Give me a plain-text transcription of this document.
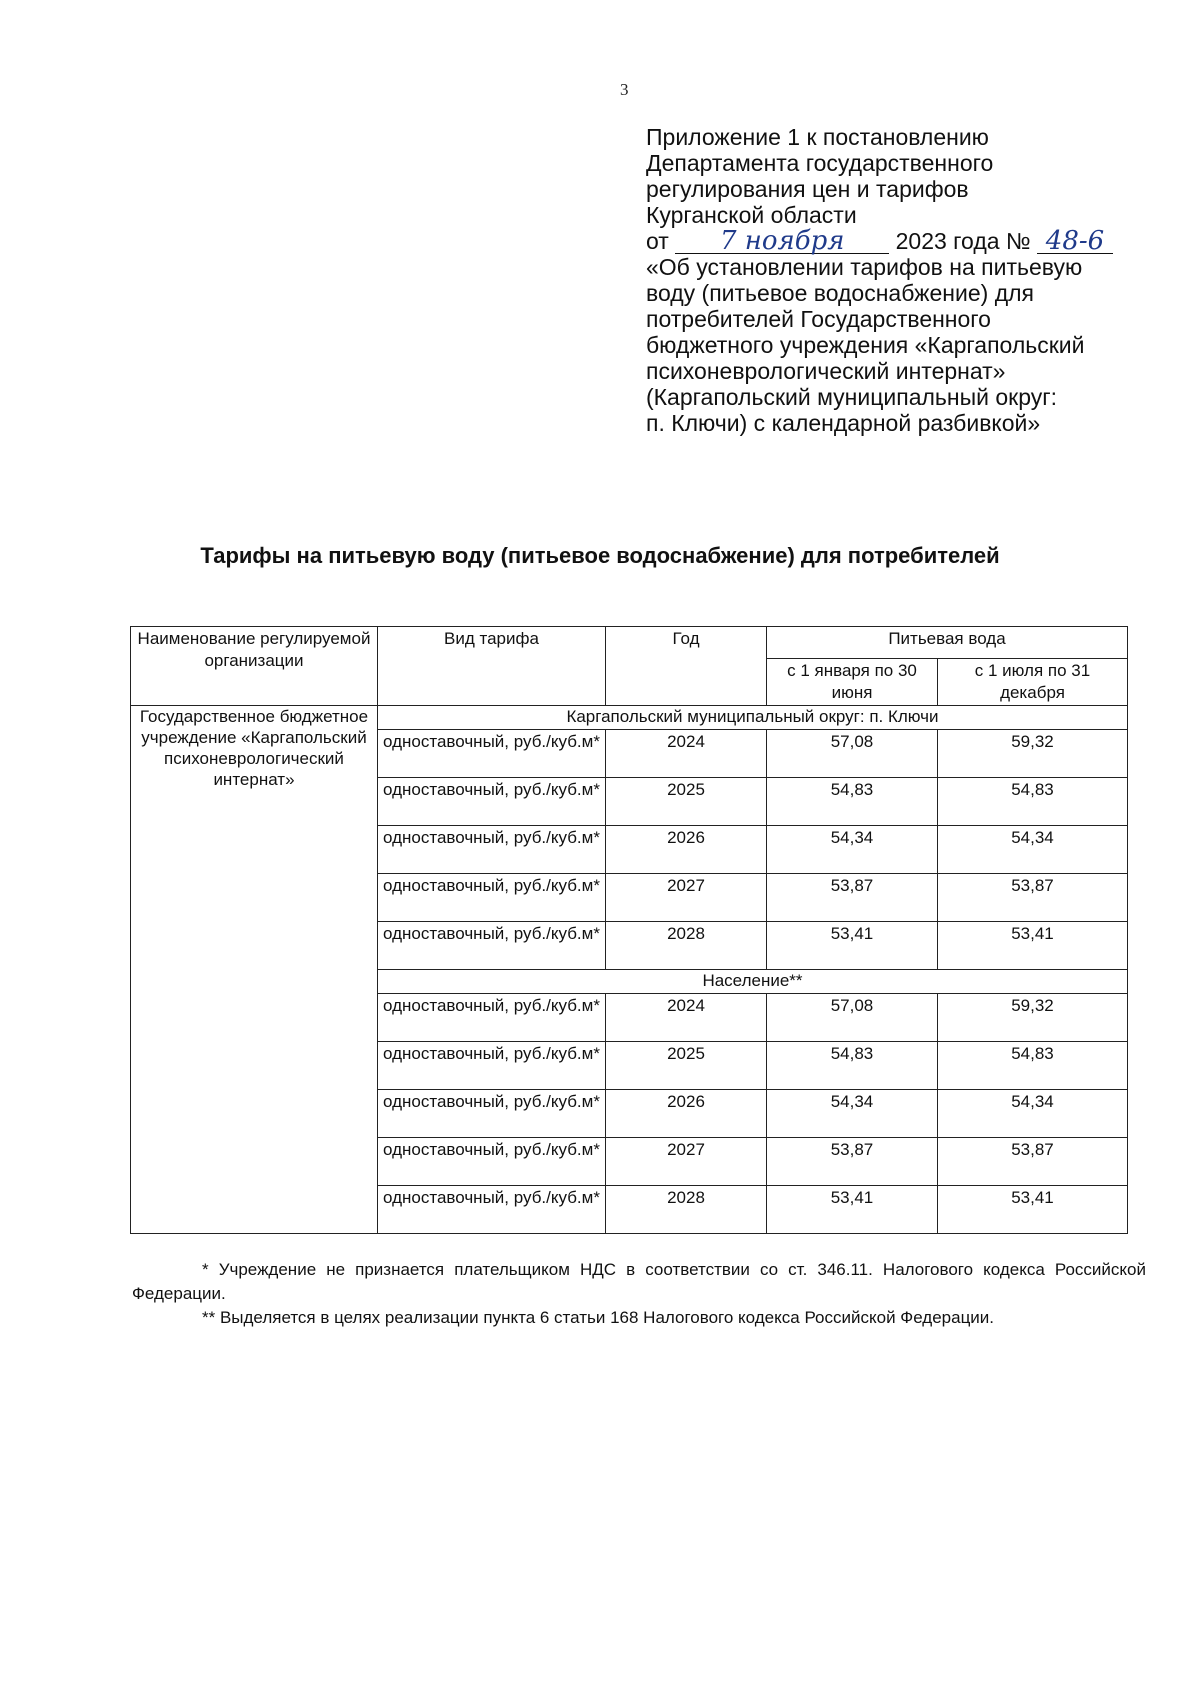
3
Приложение 1 к постановлению
Департамента государственного
регулирования цен и тарифов
Курганской области
от 7 ноября 2023 года № 48-6
«Об установлении тарифов на питьевую
воду (питьевое водоснабжение) для
потребителей Государственного
бюджетного учреждения «Каргапольский
психоневрологический интернат»
(Каргапольский муниципальный округ:
п. Ключи) с календарной разбивкой»
Тарифы на питьевую воду (питьевое водоснабжение) для потребителей
Наименование регулируемой организации	Вид тарифа	Год	Питьевая вода	
			с 1 января по 30 июня	с 1 июля по 31 декабря
Государственное бюджетное учреждение «Каргапольский психоневрологический интернат»	Каргапольский муниципальный округ: п. Ключи			
	одноставочный, руб./куб.м*	2024	57,08	59,32
	одноставочный, руб./куб.м*	2025	54,83	54,83
	одноставочный, руб./куб.м*	2026	54,34	54,34
	одноставочный, руб./куб.м*	2027	53,87	53,87
	одноставочный, руб./куб.м*	2028	53,41	53,41
	Население**			
	одноставочный, руб./куб.м*	2024	57,08	59,32
	одноставочный, руб./куб.м*	2025	54,83	54,83
	одноставочный, руб./куб.м*	2026	54,34	54,34
	одноставочный, руб./куб.м*	2027	53,87	53,87
	одноставочный, руб./куб.м*	2028	53,41	53,41

* Учреждение не признается плательщиком НДС в соответствии со ст. 346.11. Налогового кодекса Российской Федерации.

** Выделяется в целях реализации пункта 6 статьи 168 Налогового кодекса Российской Федерации.
